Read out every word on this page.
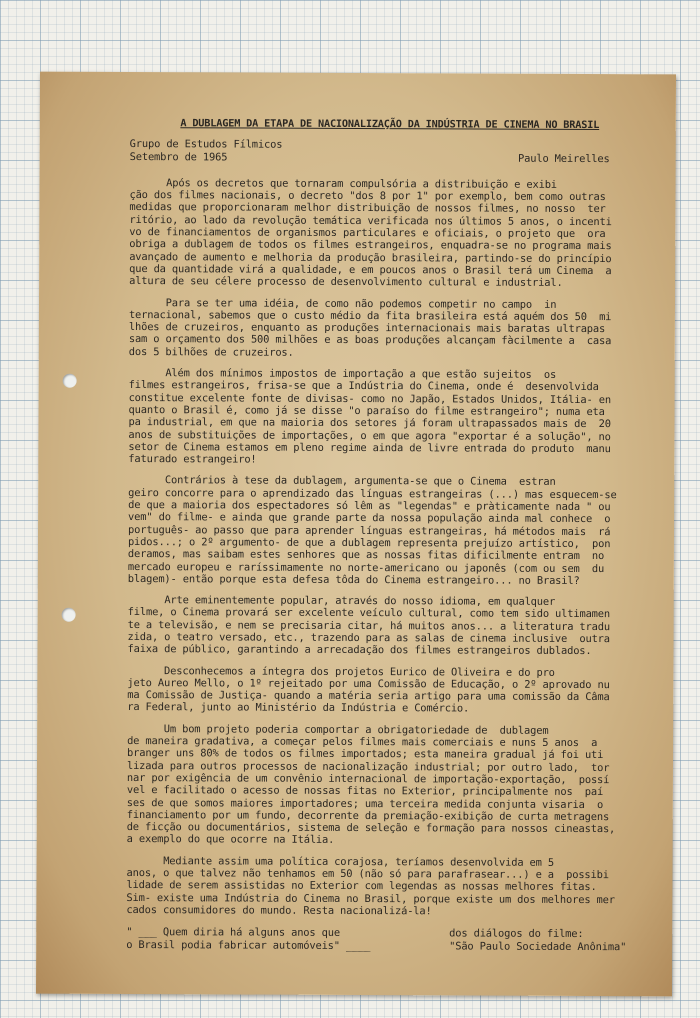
A DUBLAGEM DA ETAPA DE NACIONALIZAÇÃO DA INDÚSTRIA DE CINEMA NO BRASIL
Grupo de Estudos Fílmicos
Setembro de 1965	Paulo Meirelles
Após os decretos que tornaram compulsória a distribuição e exibi
ção dos filmes nacionais, o decreto "dos 8 por 1" por exemplo, bem como outras
medidas que proporcionaram melhor distribuição de nossos filmes, no nosso  ter
ritório, ao lado da revolução temática verificada nos últimos 5 anos, o incenti
vo de financiamentos de organismos particulares e oficiais, o projeto que  ora
obriga a dublagem de todos os filmes estrangeiros, enquadra-se no programa mais
avançado de aumento e melhoria da produção brasileira, partindo-se do princípio
que da quantidade virá a qualidade, e em poucos anos o Brasil terá um Cinema  a
altura de seu célere processo de desenvolvimento cultural e industrial.
Para se ter uma idéia, de como não podemos competir no campo  in
ternacional, sabemos que o custo médio da fita brasileira está aquém dos 50  mi
lhões de cruzeiros, enquanto as produções internacionais mais baratas ultrapas
sam o orçamento dos 500 milhões e as boas produções alcançam fàcilmente a  casa
dos 5 bilhões de cruzeiros.
Além dos mínimos impostos de importação a que estão sujeitos  os
filmes estrangeiros, frisa-se que a Indústria do Cinema, onde é  desenvolvida
constitue excelente fonte de divisas- como no Japão, Estados Unidos, Itália- en
quanto o Brasil é, como já se disse "o paraíso do filme estrangeiro"; numa eta
pa industrial, em que na maioria dos setores já foram ultrapassados mais de  20
anos de substituições de importações, o em que agora "exportar é a solução", no
setor de Cinema estamos em pleno regime ainda de livre entrada do produto  manu
faturado estrangeiro!
Contrários à tese da dublagem, argumenta-se que o Cinema  estran
geiro concorre para o aprendizado das línguas estrangeiras (...) mas esquecem-se
de que a maioria dos espectadores só lêm as "legendas" e pràticamente nada " ou
vem" do filme- e ainda que grande parte da nossa população ainda mal conhece  o
português- ao passo que para aprender línguas estrangeiras, há métodos mais  rá
pidos...; o 2º argumento- de que a dublagem representa prejuízo artístico,  pon
deramos, mas saibam estes senhores que as nossas fitas dificilmente entram  no
mercado europeu e raríssimamente no norte-americano ou japonês (com ou sem  du
blagem)- então porque esta defesa tôda do Cinema estrangeiro... no Brasil?
Arte eminentemente popular, através do nosso idioma, em qualquer
filme, o Cinema provará ser excelente veículo cultural, como tem sido ultimamen
te a televisão, e nem se precisaria citar, há muitos anos... a literatura tradu
zida, o teatro versado, etc., trazendo para as salas de cinema inclusive  outra
faixa de público, garantindo a arrecadação dos filmes estrangeiros dublados.
Desconhecemos a íntegra dos projetos Eurico de Oliveira e do pro
jeto Aureo Mello, o 1º rejeitado por uma Comissão de Educação, o 2º aprovado nu
ma Comissão de Justiça- quando a matéria seria artigo para uma comissão da Câma
ra Federal, junto ao Ministério da Indústria e Comércio.
Um bom projeto poderia comportar a obrigatoriedade de  dublagem
de maneira gradativa, a começar pelos filmes mais comerciais e nuns 5 anos  a
branger uns 80% de todos os filmes importados; esta maneira gradual já foi uti
lizada para outros processos de nacionalização industrial; por outro lado,  tor
nar por exigência de um convênio internacional de importação-exportação,  possí
vel e facilitado o acesso de nossas fitas no Exterior, principalmente nos  paí
ses de que somos maiores importadores; uma terceira medida conjunta visaria  o
financiamento por um fundo, decorrente da premiação-exibição de curta metragens
de ficção ou documentários, sistema de seleção e formação para nossos cineastas,
a exemplo do que ocorre na Itália.
Mediante assim uma política corajosa, teríamos desenvolvida em 5
anos, o que talvez não tenhamos em 50 (não só para parafrasear...) e a  possibi
lidade de serem assistidas no Exterior com legendas as nossas melhores fitas.
Sim- existe uma Indústria do Cinema no Brasil, porque existe um dos melhores mer
cados consumidores do mundo. Resta nacionalizá-la!
" ___ Quem diria há alguns anos que
o Brasil podia fabricar automóveis" ____
dos diálogos do filme:
"São Paulo Sociedade Anônima"
